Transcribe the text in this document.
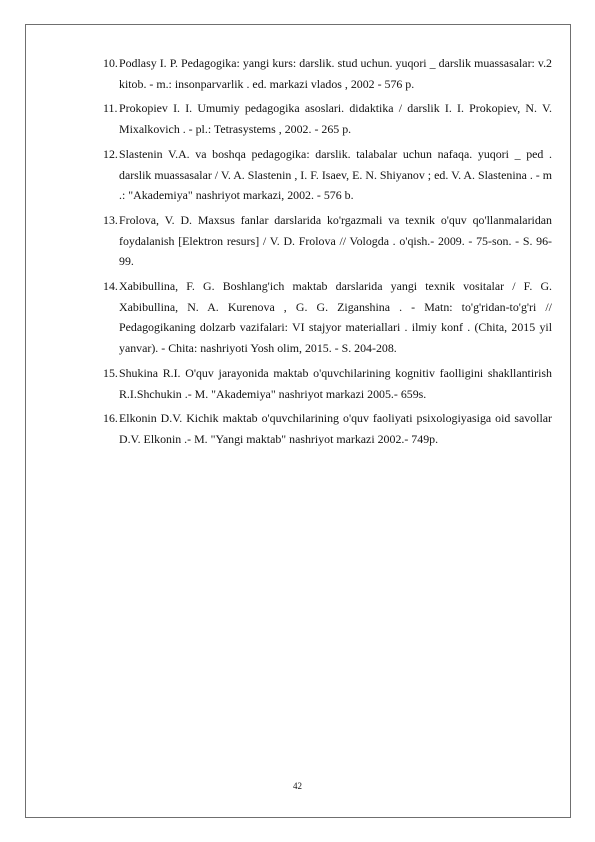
10. Podlasy I. P. Pedagogika: yangi kurs: darslik. stud uchun. yuqori _ darslik muassasalar: v.2 kitob. - m.: insonparvarlik . ed. markazi vlados , 2002 - 576 p.
11. Prokopiev I. I. Umumiy pedagogika asoslari. didaktika / darslik I. I. Prokopiev, N. V. Mixalkovich . - pl.: Tetrasystems , 2002. - 265 p.
12. Slastenin V.A. va boshqa pedagogika: darslik. talabalar uchun nafaqa. yuqori _ ped . darslik muassasalar / V. A. Slastenin , I. F. Isaev, E. N. Shiyanov ; ed. V. A. Slastenina . - m .: "Akademiya" nashriyot markazi, 2002. - 576 b.
13. Frolova, V. D. Maxsus fanlar darslarida ko'rgazmali va texnik o'quv qo'llanmalaridan foydalanish [Elektron resurs] / V. D. Frolova // Vologda . o'qish.- 2009. - 75-son. - S. 96-99.
14. Xabibullina, F. G. Boshlang'ich maktab darslarida yangi texnik vositalar / F. G. Xabibullina, N. A. Kurenova , G. G. Ziganshina . - Matn: to'g'ridan-to'g'ri // Pedagogikaning dolzarb vazifalari: VI stajyor materiallari . ilmiy konf . (Chita, 2015 yil yanvar). - Chita: nashriyoti Yosh olim, 2015. - S. 204-208.
15. Shukina R.I. O'quv jarayonida maktab o'quvchilarining kognitiv faolligini shakllantirish R.I.Shchukin .- M. "Akademiya" nashriyot markazi 2005.- 659s.
16. Elkonin D.V. Kichik maktab o'quvchilarining o'quv faoliyati psixologiyasiga oid savollar D.V. Elkonin .- M. "Yangi maktab" nashriyot markazi 2002.- 749p.
42
